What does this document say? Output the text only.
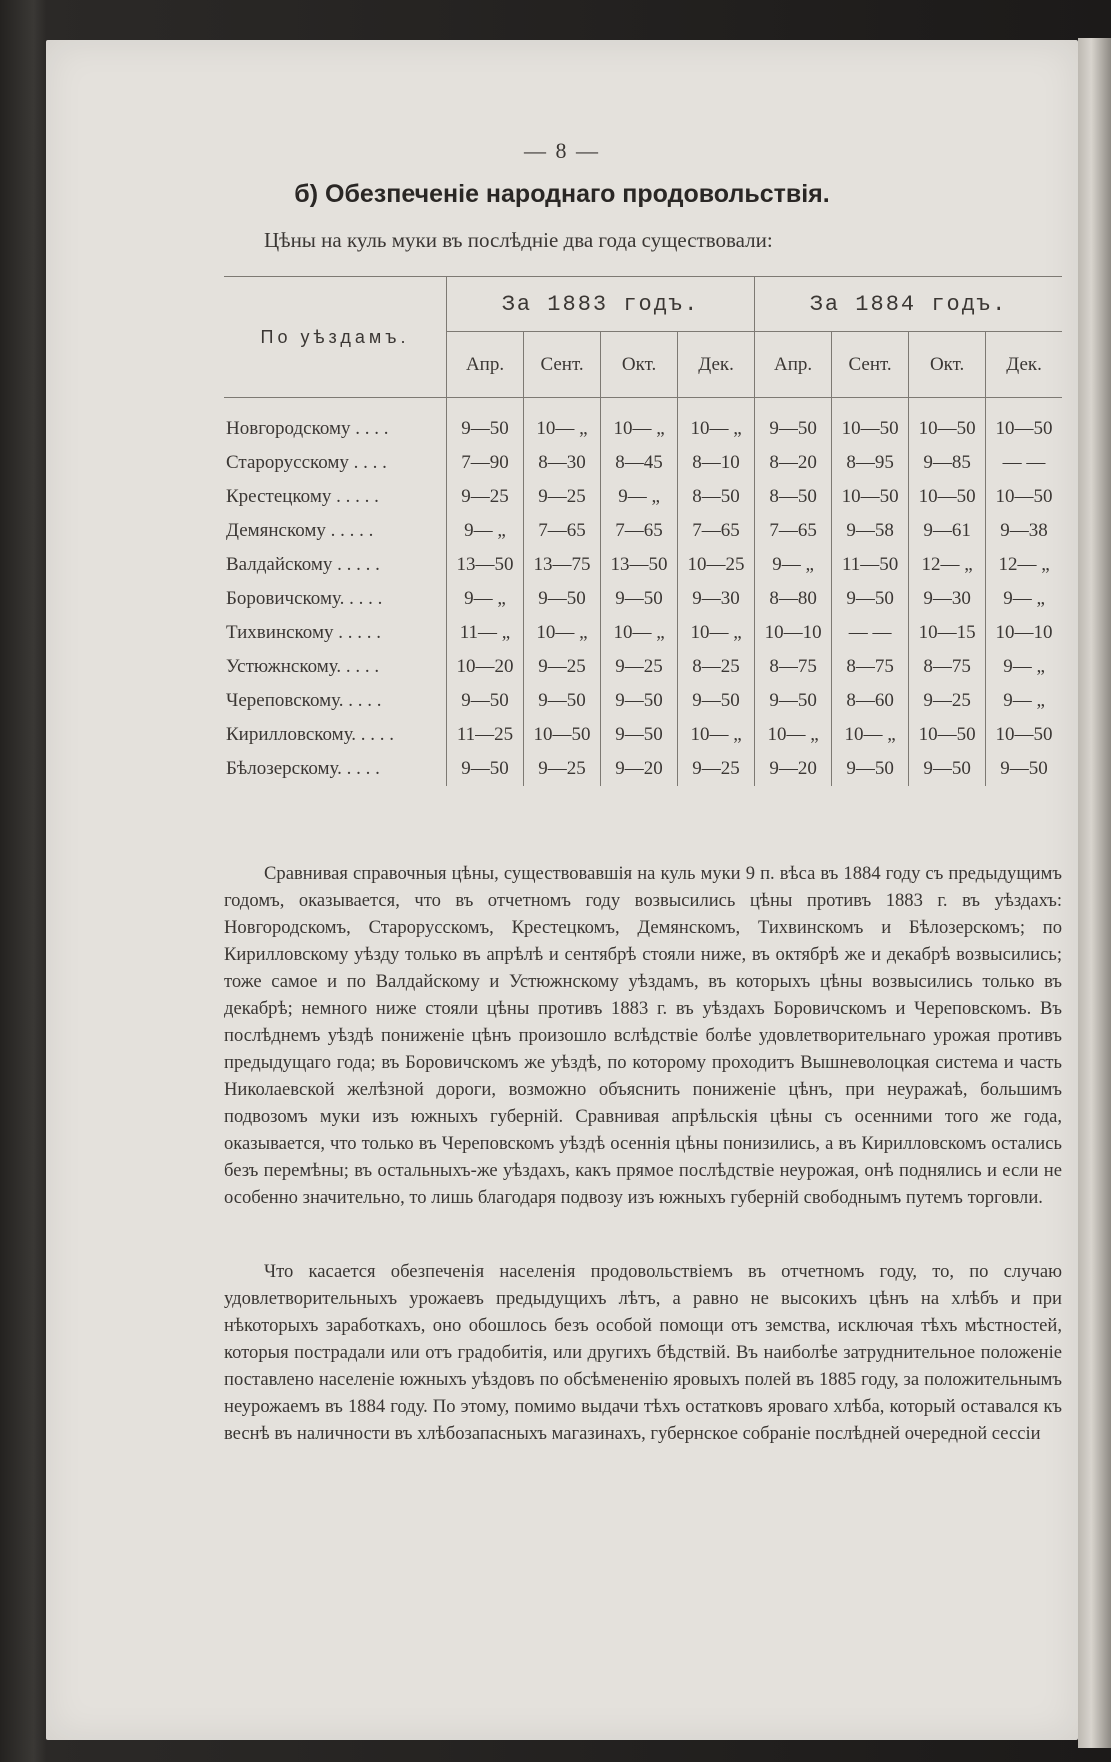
— 8 —
б) Обезпеченіе народнаго продовольствія.
Цѣны на куль муки въ послѣдніе два года существовали:
По уѣздамъ.	За 1883 годъ.				За 1884 годъ.			
	Апр.	Сент.	Окт.	Дек.	Апр.	Сент.	Окт.	Дек.
Новгородскому . . . .	9—50	10— „	10— „	10— „	9—50	10—50	10—50	10—50
Старорусскому . . . .	7—90	8—30	8—45	8—10	8—20	8—95	9—85	— —
Крестецкому . . . . .	9—25	9—25	9— „	8—50	8—50	10—50	10—50	10—50
Демянскому . . . . .	9— „	7—65	7—65	7—65	7—65	9—58	9—61	9—38
Валдайскому . . . . .	13—50	13—75	13—50	10—25	9— „	11—50	12— „	12— „
Боровичскому. . . . .	9— „	9—50	9—50	9—30	8—80	9—50	9—30	9— „
Тихвинскому . . . . .	11— „	10— „	10— „	10— „	10—10	— —	10—15	10—10
Устюжнскому. . . . .	10—20	9—25	9—25	8—25	8—75	8—75	8—75	9— „
Череповскому. . . . .	9—50	9—50	9—50	9—50	9—50	8—60	9—25	9— „
Кирилловскому. . . . .	11—25	10—50	9—50	10— „	10— „	10— „	10—50	10—50
Бѣлозерскому. . . . .	9—50	9—25	9—20	9—25	9—20	9—50	9—50	9—50
Сравнивая справочныя цѣны, существовавшія на куль муки 9 п. вѣса въ 1884 году съ предыдущимъ годомъ, оказывается, что въ отчетномъ году возвысились цѣны противъ 1883 г. въ уѣздахъ: Новгородскомъ, Старорусскомъ, Крестецкомъ, Демянскомъ, Тихвинскомъ и Бѣлозерскомъ; по Кирилловскому уѣзду только въ апрѣлѣ и сентябрѣ стояли ниже, въ октябрѣ же и декабрѣ возвысились; тоже самое и по Валдайскому и Устюжнскому уѣздамъ, въ которыхъ цѣны возвысились только въ декабрѣ; немного ниже стояли цѣны противъ 1883 г. въ уѣздахъ Боровичскомъ и Череповскомъ. Въ послѣднемъ уѣздѣ пониженіе цѣнъ произошло вслѣдствіе болѣе удовлетворительнаго урожая противъ предыдущаго года; въ Боровичскомъ же уѣздѣ, по которому проходитъ Вышневолоцкая система и часть Николаевской желѣзной дороги, возможно объяснить пониженіе цѣнъ, при неуражаѣ, большимъ подвозомъ муки изъ южныхъ губерній. Сравнивая апрѣльскія цѣны съ осенними того же года, оказывается, что только въ Череповскомъ уѣздѣ осеннія цѣны понизились, а въ Кирилловскомъ остались безъ перемѣны; въ остальныхъ-же уѣздахъ, какъ прямое послѣдствіе неурожая, онѣ поднялись и если не особенно значительно, то лишь благодаря подвозу изъ южныхъ губерній свободнымъ путемъ торговли.
Что касается обезпеченія населенія продовольствіемъ въ отчетномъ году, то, по случаю удовлетворительныхъ урожаевъ предыдущихъ лѣтъ, а равно не высокихъ цѣнъ на хлѣбъ и при нѣкоторыхъ заработкахъ, оно обошлось безъ особой помощи отъ земства, исключая тѣхъ мѣстностей, которыя пострадали или отъ градобитія, или другихъ бѣдствій. Въ наиболѣе затруднительное положеніе поставлено населеніе южныхъ уѣздовъ по обсѣмененію яровыхъ полей въ 1885 году, за положительнымъ неурожаемъ въ 1884 году. По этому, помимо выдачи тѣхъ остатковъ яроваго хлѣба, который оставался къ веснѣ въ наличности въ хлѣбозапасныхъ магазинахъ, губернское собраніе послѣдней очередной сессіи
